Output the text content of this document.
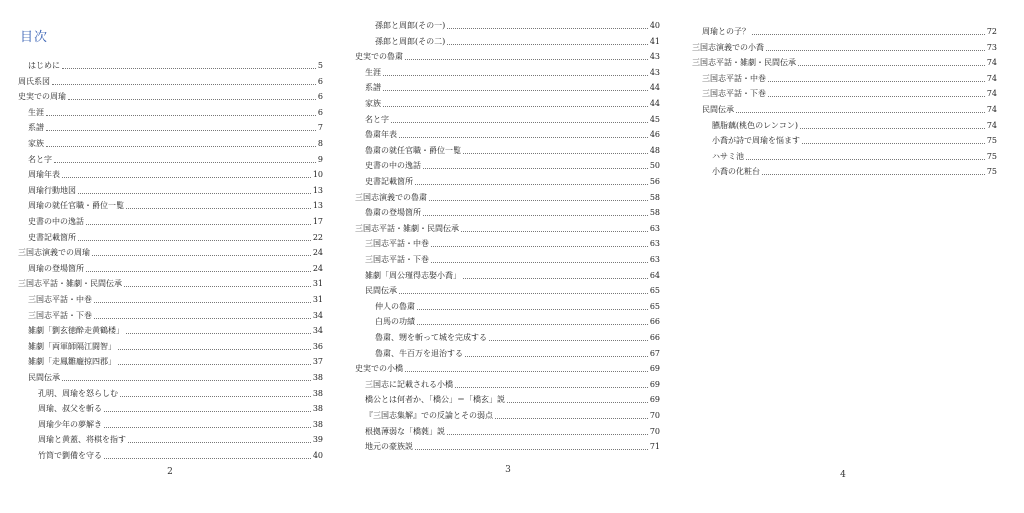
目次
はじめに	5
周氏系図	6
史実での周瑜	6
生涯	6
系譜	7
家族	8
名と字	9
周瑜年表	10
周瑜行動地図	13
周瑜の就任官職・爵位一覧	13
史書の中の逸話	17
史書記載箇所	22
三国志演義での周瑜	24
周瑜の登場箇所	24
三国志平話・雑劇・民間伝承	31
三国志平話・中巻	31
三国志平話・下巻	34
雑劇「劉玄徳酔走黄鶴楼」	34
雑劇「両軍師隔江闘智」	36
雑劇「走鳳雛龐掠四郡」	37
民間伝承	38
孔明、周瑜を怒らしむ	38
周瑜、叔父を斬る	38
周瑜少年の夢解き	38
周瑜と黄蓋、将棋を指す	39
竹筒で劉備を守る	40
2
孫郎と周郎(その一)	40
孫郎と周郎(その二)	41
史実での魯粛	43
生涯	43
系譜	44
家族	44
名と字	45
魯粛年表	46
魯粛の就任官職・爵位一覧	48
史書の中の逸話	50
史書記載箇所	56
三国志演義での魯粛	58
魯粛の登場箇所	58
三国志平話・雑劇・民間伝承	63
三国志平話・中巻	63
三国志平話・下巻	63
雑劇「周公瑾得志娶小喬」	64
民間伝承	65
仲人の魯粛	65
白馬の功績	66
魯粛、甥を斬って城を完成する	66
魯粛、牛百万を退治する	67
史実での小橋	69
三国志に記載される小橋	69
橋公とは何者か、「橋公」＝「橋玄」説	69
『三国志集解』での反論とその弱点	70
根拠薄弱な「橋蕤」説	70
地元の豪族説	71
3
周瑜との子？	72
三国志演義での小喬	73
三国志平話・雑劇・民間伝承	74
三国志平話・中巻	74
三国志平話・下巻	74
民間伝承	74
臙脂藕(桃色のレンコン)	74
小喬が詩で周瑜を悩ます	75
ハサミ池	75
小喬の化粧台	75
4
